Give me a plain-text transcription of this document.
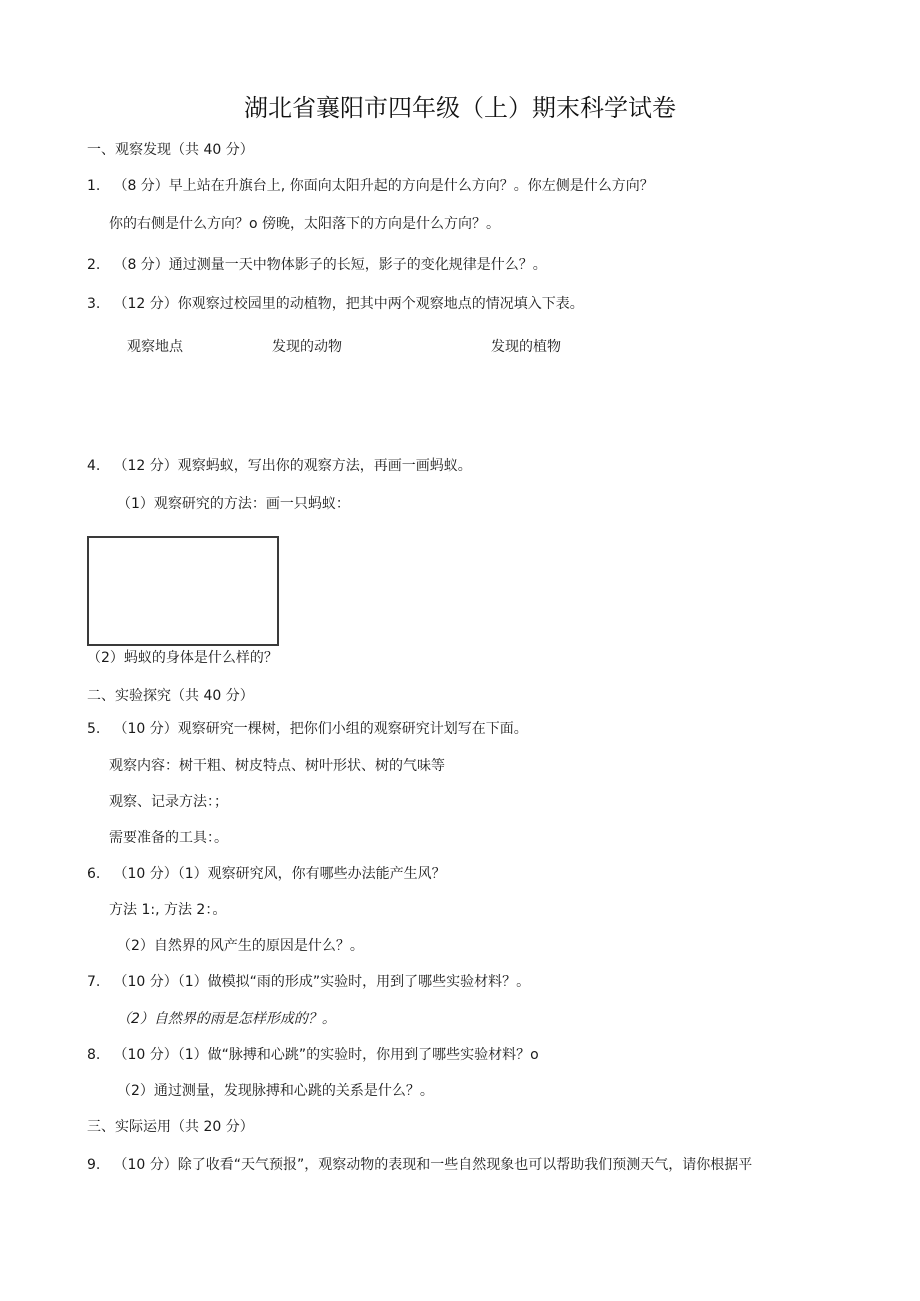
湖北省襄阳市四年级（上）期末科学试卷
一、观察发现（共 40 分）
1. （8 分）早上站在升旗台上, 你面向太阳升起的方向是什么方向？。你左侧是什么方向？
你的右侧是什么方向？o 傍晚，太阳落下的方向是什么方向？。
2. （8 分）通过测量一天中物体影子的长短，影子的变化规律是什么？。
3. （12 分）你观察过校园里的动植物，把其中两个观察地点的情况填入下表。
观察地点	发现的动物	发现的植物
4. （12 分）观察蚂蚁，写出你的观察方法，再画一画蚂蚁。
（1）观察研究的方法：画一只蚂蚁：
（2）蚂蚁的身体是什么样的？
二、实验探究（共 40 分）
5. （10 分）观察研究一棵树，把你们小组的观察研究计划写在下面。
观察内容：树干粗、树皮特点、树叶形状、树的气味等
观察、记录方法：；
需要准备的工具：。
6. （10 分）（1）观察研究风，你有哪些办法能产生风？
方法 1:, 方法 2：。
（2）自然界的风产生的原因是什么？。
7. （10 分）（1）做模拟“雨的形成”实验时，用到了哪些实验材料？。
（2）自然界的雨是怎样形成的？。
8. （10 分）（1）做“脉搏和心跳”的实验时，你用到了哪些实验材料？o
（2）通过测量，发现脉搏和心跳的关系是什么？。
三、实际运用（共 20 分）
9. （10 分）除了收看“天气预报”，观察动物的表现和一些自然现象也可以帮助我们预测天气，请你根据平
